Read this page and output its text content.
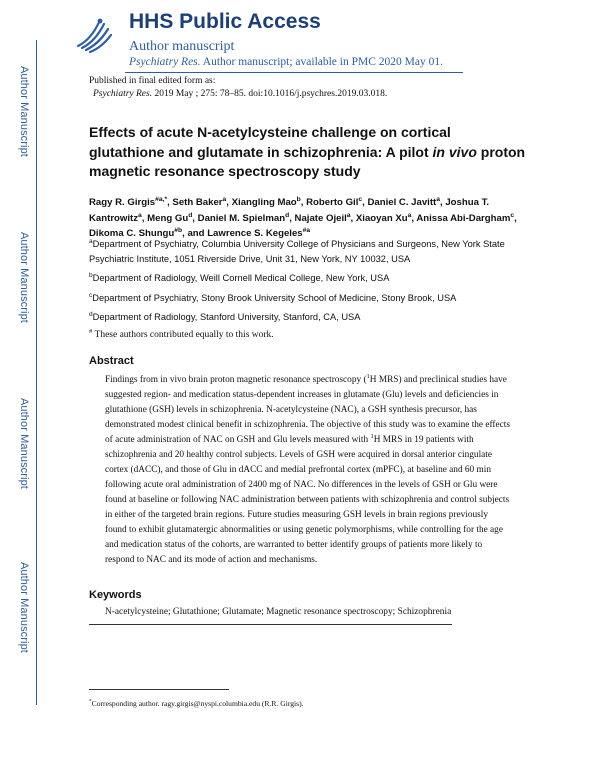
Author Manuscript
Author Manuscript
Author Manuscript
Author Manuscript
HHS Public Access
Author manuscript
Psychiatry Res. Author manuscript; available in PMC 2020 May 01.
Published in final edited form as:
Psychiatry Res. 2019 May ; 275: 78–85. doi:10.1016/j.psychres.2019.03.018.
Effects of acute N-acetylcysteine challenge on cortical glutathione and glutamate in schizophrenia: A pilot in vivo proton magnetic resonance spectroscopy study
Ragy R. Girgis$^{\#a,*}$, Seth Baker$^a$, Xiangling Mao$^b$, Roberto Gil$^c$, Daniel C. Javitt$^a$, Joshua T. Kantrowitz$^a$, Meng Gu$^d$, Daniel M. Spielman$^d$, Najate Ojeil$^a$, Xiaoyan Xu$^a$, Anissa Abi-Dargham$^c$, Dikoma C. Shungu$^{\#b}$, and Lawrence S. Kegeles$^{\#a}$
$^a$Department of Psychiatry, Columbia University College of Physicians and Surgeons, New York State Psychiatric Institute, 1051 Riverside Drive, Unit 31, New York, NY 10032, USA
$^b$Department of Radiology, Weill Cornell Medical College, New York, USA
$^c$Department of Psychiatry, Stony Brook University School of Medicine, Stony Brook, USA
$^d$Department of Radiology, Stanford University, Stanford, CA, USA
# These authors contributed equally to this work.
Abstract
Findings from in vivo brain proton magnetic resonance spectroscopy ($^1$H MRS) and preclinical studies have suggested region- and medication status-dependent increases in glutamate (Glu) levels and deficiencies in glutathione (GSH) levels in schizophrenia. N-acetylcysteine (NAC), a GSH synthesis precursor, has demonstrated modest clinical benefit in schizophrenia. The objective of this study was to examine the effects of acute administration of NAC on GSH and Glu levels measured with $^1$H MRS in 19 patients with schizophrenia and 20 healthy control subjects. Levels of GSH were acquired in dorsal anterior cingulate cortex (dACC), and those of Glu in dACC and medial prefrontal cortex (mPFC), at baseline and 60 min following acute oral administration of 2400 mg of NAC. No differences in the levels of GSH or Glu were found at baseline or following NAC administration between patients with schizophrenia and control subjects in either of the targeted brain regions. Future studies measuring GSH levels in brain regions previously found to exhibit glutamatergic abnormalities or using genetic polymorphisms, while controlling for the age and medication status of the cohorts, are warranted to better identify groups of patients more likely to respond to NAC and its mode of action and mechanisms.
Keywords
N-acetylcysteine; Glutathione; Glutamate; Magnetic resonance spectroscopy; Schizophrenia
*Corresponding author. ragy.girgis@nyspi.columbia.edu (R.R. Girgis).
